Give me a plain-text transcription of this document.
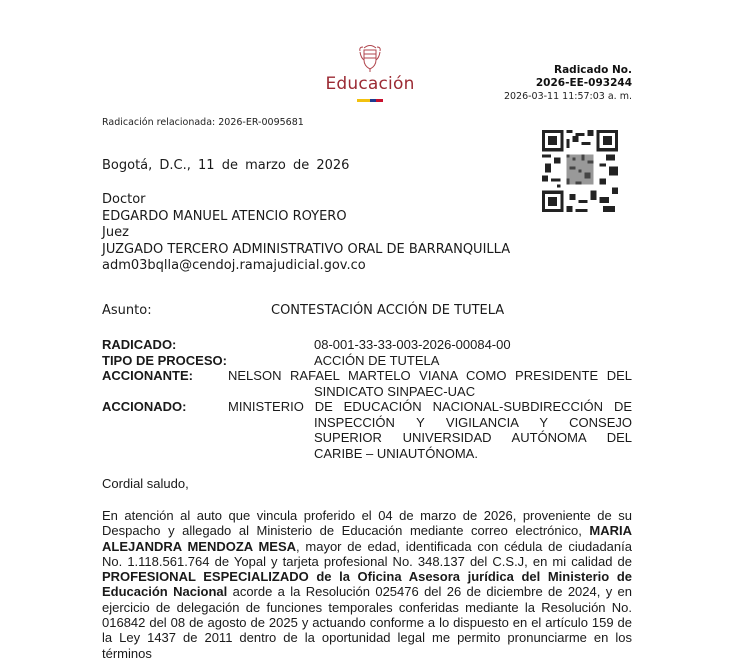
Educación
Radicado No.
2026-EE-093244
2026-03-11 11:57:03 a. m.
Radicación relacionada: 2026-ER-0095681
Bogotá, D.C., 11 de marzo de 2026
Doctor
EDGARDO MANUEL ATENCIO ROYERO
Juez
JUZGADO TERCERO ADMINISTRATIVO ORAL DE BARRANQUILLA
adm03bqlla@cendoj.ramajudicial.gov.co
Asunto:	CONTESTACIÓN ACCIÓN DE TUTELA
RADICADO:	08-001-33-33-003-2026-00084-00
TIPO DE PROCESO:	ACCIÓN DE TUTELA
ACCIONANTE:	NELSON RAFAEL MARTELO VIANA COMO PRESIDENTE DEL
SINDICATO SINPAEC-UAC
ACCIONADO:	MINISTERIO DE EDUCACIÓN NACIONAL-SUBDIRECCIÓN DE
INSPECCIÓN Y VIGILANCIA Y CONSEJO SUPERIOR UNIVERSIDAD AUTÓNOMA DEL CARIBE – UNIAUTÓNOMA.
Cordial saludo,
En atención al auto que vincula proferido el 04 de marzo de 2026, proveniente de su Despacho y allegado al Ministerio de Educación mediante correo electrónico, MARIA ALEJANDRA MENDOZA MESA, mayor de edad, identificada con cédula de ciudadanía No. 1.118.561.764 de Yopal y tarjeta profesional No. 348.137 del C.S.J, en mi calidad de PROFESIONAL ESPECIALIZADO de la Oficina Asesora jurídica del Ministerio de Educación Nacional acorde a la Resolución 025476 del 26 de diciembre de 2024, y en ejercicio de delegación de funciones temporales conferidas mediante la Resolución No. 016842 del 08 de agosto de 2025 y actuando conforme a lo dispuesto en el artículo 159 de la Ley 1437 de 2011 dentro de la oportunidad legal me permito pronunciarme en los términos
